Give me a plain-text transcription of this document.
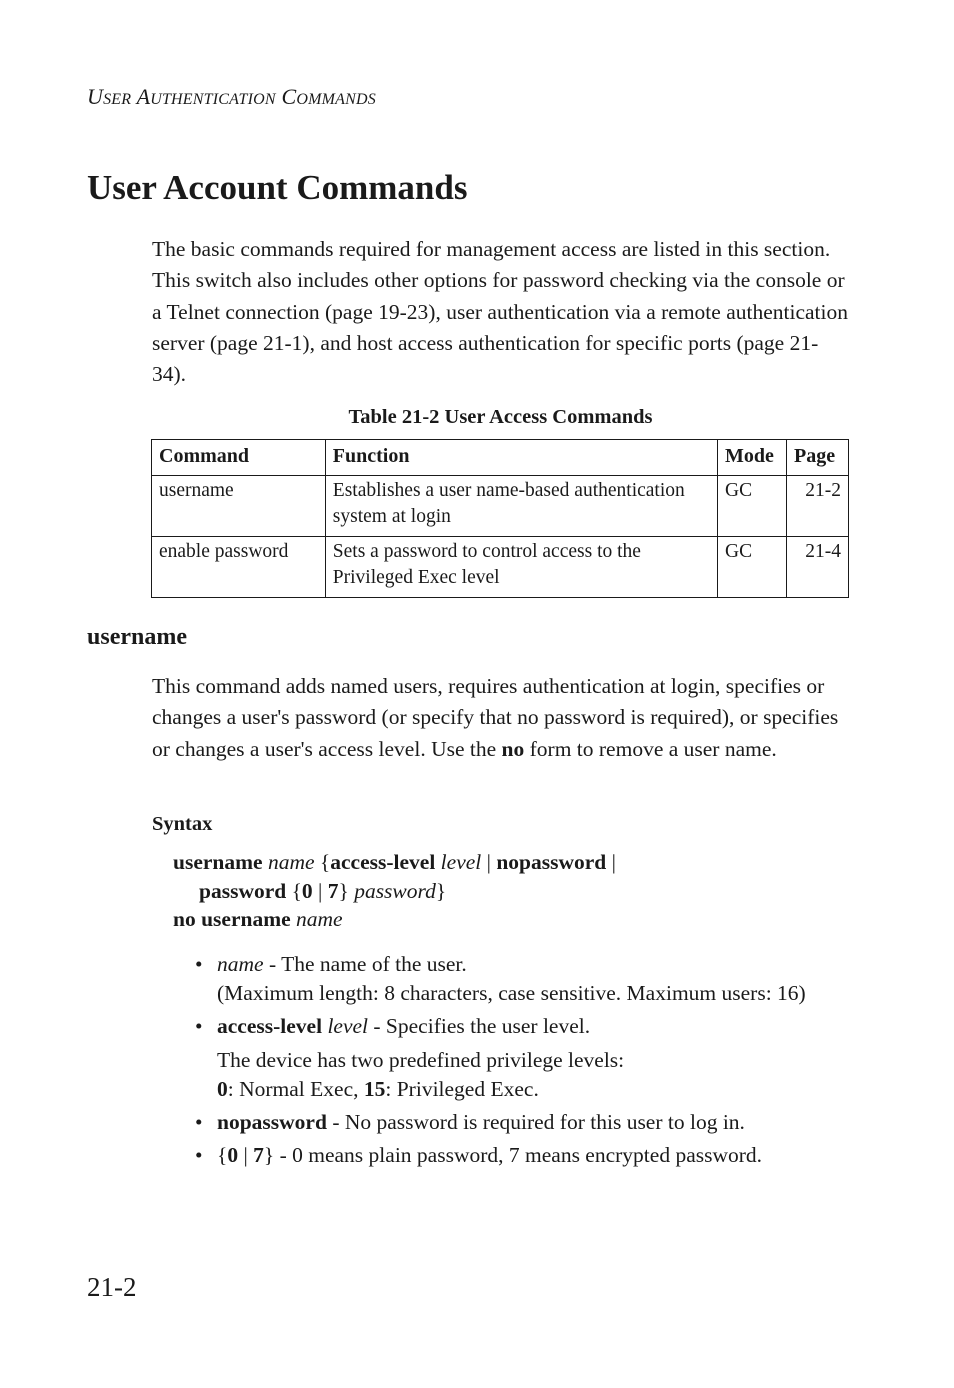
USER AUTHENTICATION COMMANDS
User Account Commands

The basic commands required for management access are listed in this section. This switch also includes other options for password checking via the console or a Telnet connection (page 19-23), user authentication via a remote authentication server (page 21-1), and host access authentication for specific ports (page 21-34).

Table 21-2 User Access Commands
Command	Function	Mode	Page
username	Establishes a user name-based authentication system at login	GC	21-2
enable password	Sets a password to control access to the Privileged Exec level	GC	21-4
username

This command adds named users, requires authentication at login, specifies or changes a user's password (or specify that no password is required), or specifies or changes a user's access level. Use the no form to remove a user name.

Syntax
username name {access-level level | nopassword |
password {0 | 7} password}
no username name
• name - The name of the user.
(Maximum length: 8 characters, case sensitive. Maximum users: 16)
• access-level level - Specifies the user level.
The device has two predefined privilege levels:
0: Normal Exec, 15: Privileged Exec.
• nopassword - No password is required for this user to log in.
• {0 | 7} - 0 means plain password, 7 means encrypted password.
21-2
